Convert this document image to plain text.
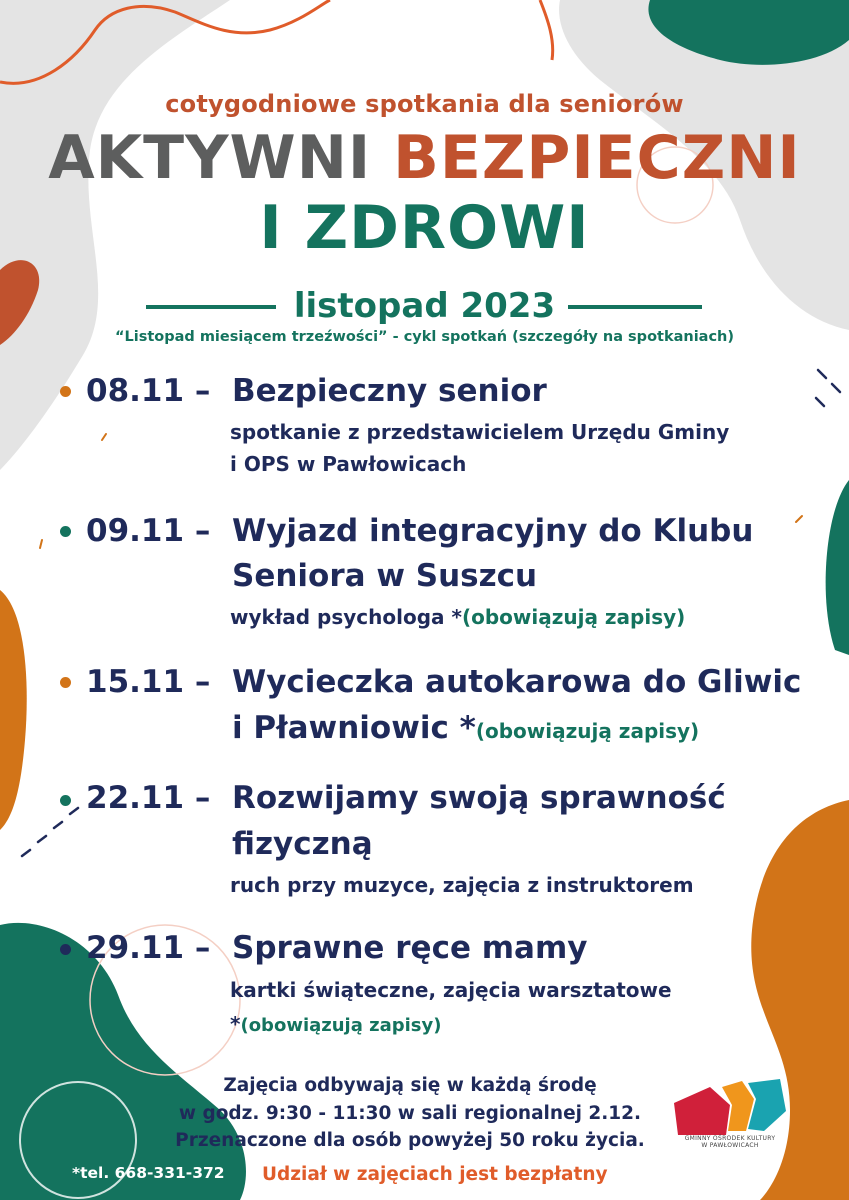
cotygodniowe spotkania dla seniorów
AKTYWNI BEZPIECZNI
I ZDROWI
listopad 2023
“Listopad miesiącem trzeźwości” - cykl spotkań (szczegóły na spotkaniach)
08.11 – Bezpieczny senior
spotkanie z przedstawicielem Urzędu Gminy
i OPS w Pawłowicach
09.11 – Wyjazd integracyjny do Klubu
Seniora w Suszcu
wykład psychologa *(obowiązują zapisy)
15.11 – Wycieczka autokarowa do Gliwic
i Pławniowic *(obowiązują zapisy)
22.11 – Rozwijamy swoją sprawność
fizyczną
ruch przy muzyce, zajęcia z instruktorem
29.11 – Sprawne ręce mamy
kartki świąteczne, zajęcia warsztatowe
*(obowiązują zapisy)
Zajęcia odbywają się w każdą środę
w godz. 9:30 - 11:30 w sali regionalnej 2.12.
Przenaczone dla osób powyżej 50 roku życia.
*tel. 668-331-372 Udział w zajęciach jest bezpłatny
GMINNY OŚRODEK KULTURY
W PAWŁOWICACH
